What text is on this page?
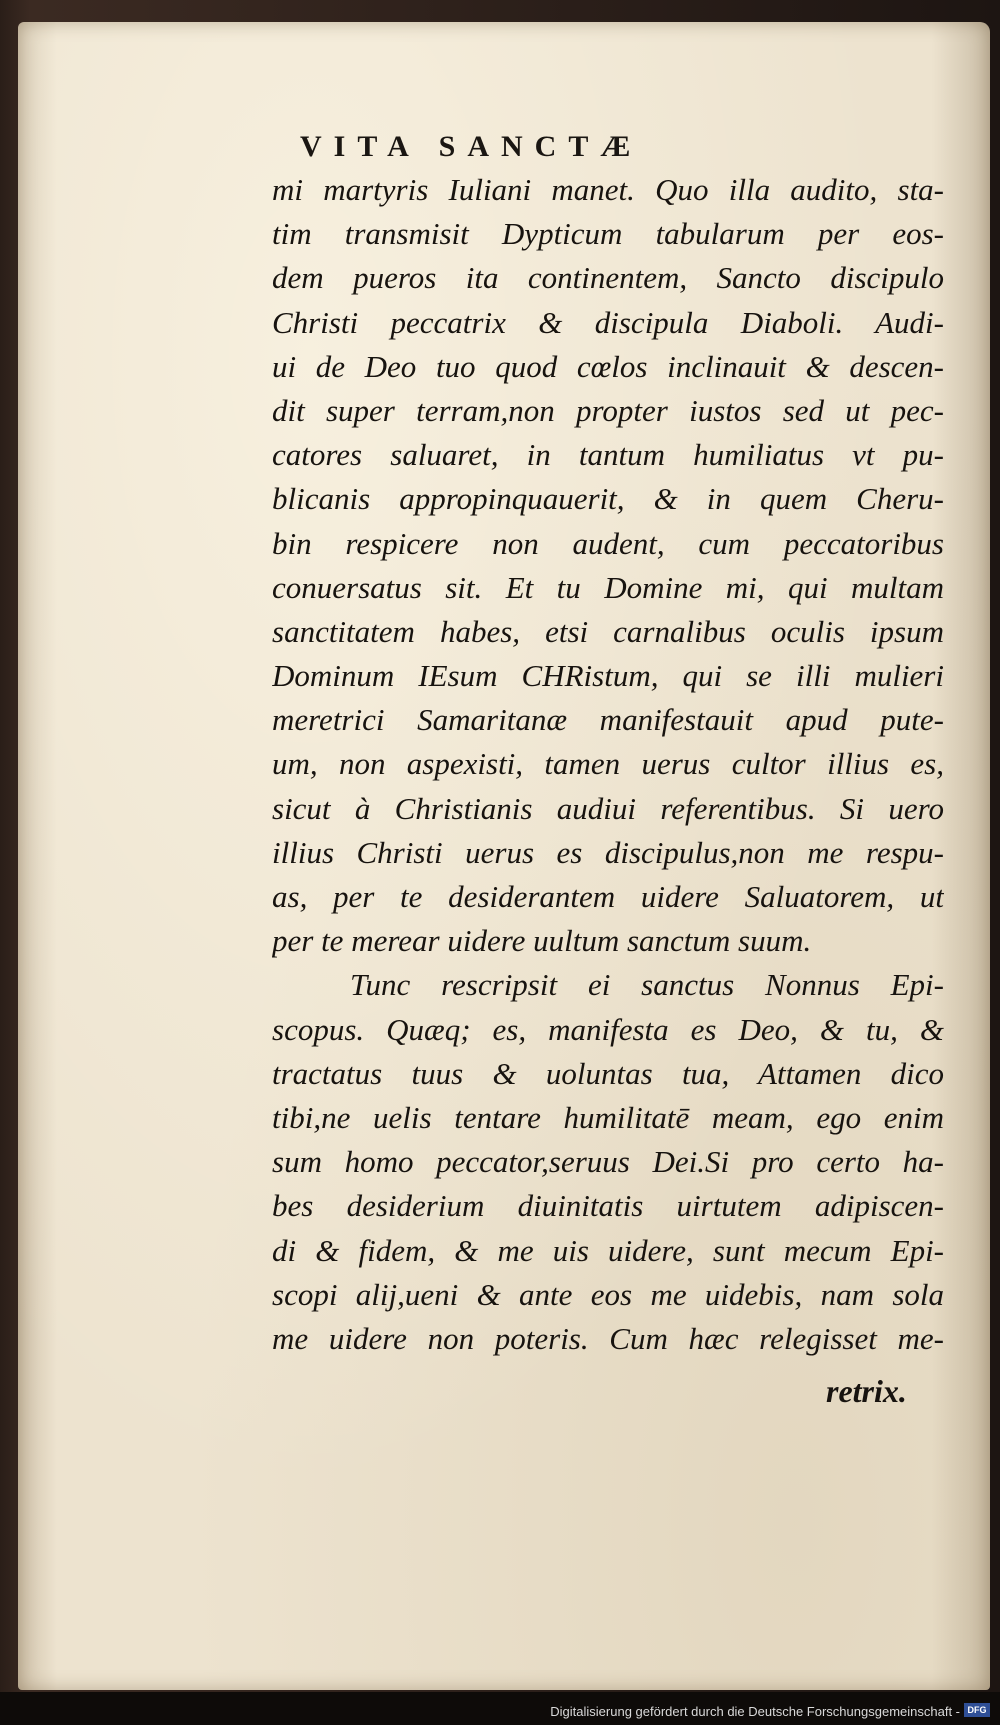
VITA SANCTÆ
mi martyris Iuliani manet. Quo illa audito, sta-
tim transmisit Dypticum tabularum per eos-
dem pueros ita continentem, Sancto discipulo
Christi peccatrix & discipula Diaboli. Audi-
ui de Deo tuo quod cœlos inclinauit & descen-
dit super terram,non propter iustos sed ut pec-
catores saluaret, in tantum humiliatus vt pu-
blicanis appropinquauerit, & in quem Cheru-
bin respicere non audent, cum peccatoribus
conuersatus sit. Et tu Domine mi, qui multam
sanctitatem habes, etsi carnalibus oculis ipsum
Dominum IEsum CHRistum, qui se illi mulieri
meretrici Samaritanæ manifestauit apud pute-
um, non aspexisti, tamen uerus cultor illius es,
sicut à Christianis audiui referentibus. Si uero
illius Christi uerus es discipulus,non me respu-
as, per te desiderantem uidere Saluatorem, ut
per te merear uidere uultum sanctum suum.
Tunc rescripsit ei sanctus Nonnus Epi-
scopus. Quæq; es, manifesta es Deo, & tu, &
tractatus tuus & uoluntas tua, Attamen dico
tibi,ne uelis tentare humilitatē meam, ego enim
sum homo peccator,seruus Dei.Si pro certo ha-
bes desiderium diuinitatis uirtutem adipiscen-
di & fidem, & me uis uidere, sunt mecum Epi-
scopi alij,ueni & ante eos me uidebis, nam sola
me uidere non poteris. Cum hæc relegisset me-
retrix.
Digitalisierung gefördert durch die Deutsche Forschungsgemeinschaft - DFG
